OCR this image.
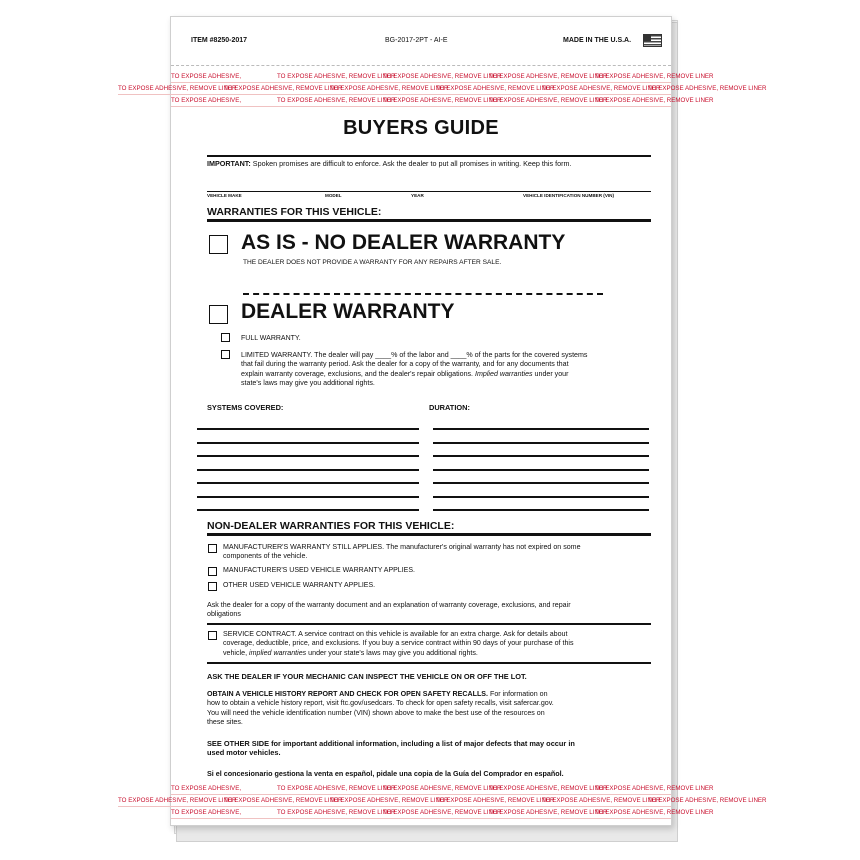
ITEM #8250-2017	BG-2017-2PT - AI-E	MADE IN THE U.S.A.
TO EXPOSE ADHESIVE,	TO EXPOSE ADHESIVE, REMOVE LINERTO EXPOSE ADHESIVE, REMOVE LINERTO EXPOSE ADHESIVE, REMOVE LINERTO EXPOSE ADHESIVE, REMOVE LINER
TO EXPOSE ADHESIVE, REMOVE LINERTO EXPOSE ADHESIVE, REMOVE LINERTO EXPOSE ADHESIVE, REMOVE LINERTO EXPOSE ADHESIVE, REMOVE LINERTO EXPOSE ADHESIVE, REMOVE LINERTO EXPOSE ADHESIVE, REMOVE LINER
TO EXPOSE ADHESIVE,	TO EXPOSE ADHESIVE, REMOVE LINERTO EXPOSE ADHESIVE, REMOVE LINERTO EXPOSE ADHESIVE, REMOVE LINERTO EXPOSE ADHESIVE, REMOVE LINER
BUYERS GUIDE
IMPORTANT: Spoken promises are difficult to enforce. Ask the dealer to put all promises in writing. Keep this form.
VEHICLE MAKE	MODEL	YEAR	VEHICLE IDENTIFICATION NUMBER (VIN)
WARRANTIES FOR THIS VEHICLE:
AS IS - NO DEALER WARRANTY
THE DEALER DOES NOT PROVIDE A WARRANTY FOR ANY REPAIRS AFTER SALE.
DEALER WARRANTY
FULL WARRANTY.
LIMITED WARRANTY. The dealer will pay ____% of the labor and ____% of the parts for the covered systems
that fail during the warranty period. Ask the dealer for a copy of the warranty, and for any documents that
explain warranty coverage, exclusions, and the dealer's repair obligations. Implied warranties under your
state's laws may give you additional rights.
SYSTEMS COVERED:	DURATION:
NON-DEALER WARRANTIES FOR THIS VEHICLE:
MANUFACTURER'S WARRANTY STILL APPLIES. The manufacturer's original warranty has not expired on some
components of the vehicle.
MANUFACTURER'S USED VEHICLE WARRANTY APPLIES.
OTHER USED VEHICLE WARRANTY APPLIES.
Ask the dealer for a copy of the warranty document and an explanation of warranty coverage, exclusions, and repair
obligations
SERVICE CONTRACT. A service contract on this vehicle is available for an extra charge. Ask for details about
coverage, deductible, price, and exclusions. If you buy a service contract within 90 days of your purchase of this
vehicle, implied warranties under your state's laws may give you additional rights.
ASK THE DEALER IF YOUR MECHANIC CAN INSPECT THE VEHICLE ON OR OFF THE LOT.
OBTAIN A VEHICLE HISTORY REPORT AND CHECK FOR OPEN SAFETY RECALLS. For information on
how to obtain a vehicle history report, visit ftc.gov/usedcars. To check for open safety recalls, visit safercar.gov.
You will need the vehicle identification number (VIN) shown above to make the best use of the resources on
these sites.
SEE OTHER SIDE for important additional information, including a list of major defects that may occur in
used motor vehicles.
Si el concesionario gestiona la venta en español, pidale una copia de la Guía del Comprador en español.
TO EXPOSE ADHESIVE,	TO EXPOSE ADHESIVE, REMOVE LINERTO EXPOSE ADHESIVE, REMOVE LINERTO EXPOSE ADHESIVE, REMOVE LINERTO EXPOSE ADHESIVE, REMOVE LINER
TO EXPOSE ADHESIVE, REMOVE LINERTO EXPOSE ADHESIVE, REMOVE LINERTO EXPOSE ADHESIVE, REMOVE LINERTO EXPOSE ADHESIVE, REMOVE LINERTO EXPOSE ADHESIVE, REMOVE LINERTO EXPOSE ADHESIVE, REMOVE LINER
TO EXPOSE ADHESIVE,	TO EXPOSE ADHESIVE, REMOVE LINERTO EXPOSE ADHESIVE, REMOVE LINERTO EXPOSE ADHESIVE, REMOVE LINERTO EXPOSE ADHESIVE, REMOVE LINER
